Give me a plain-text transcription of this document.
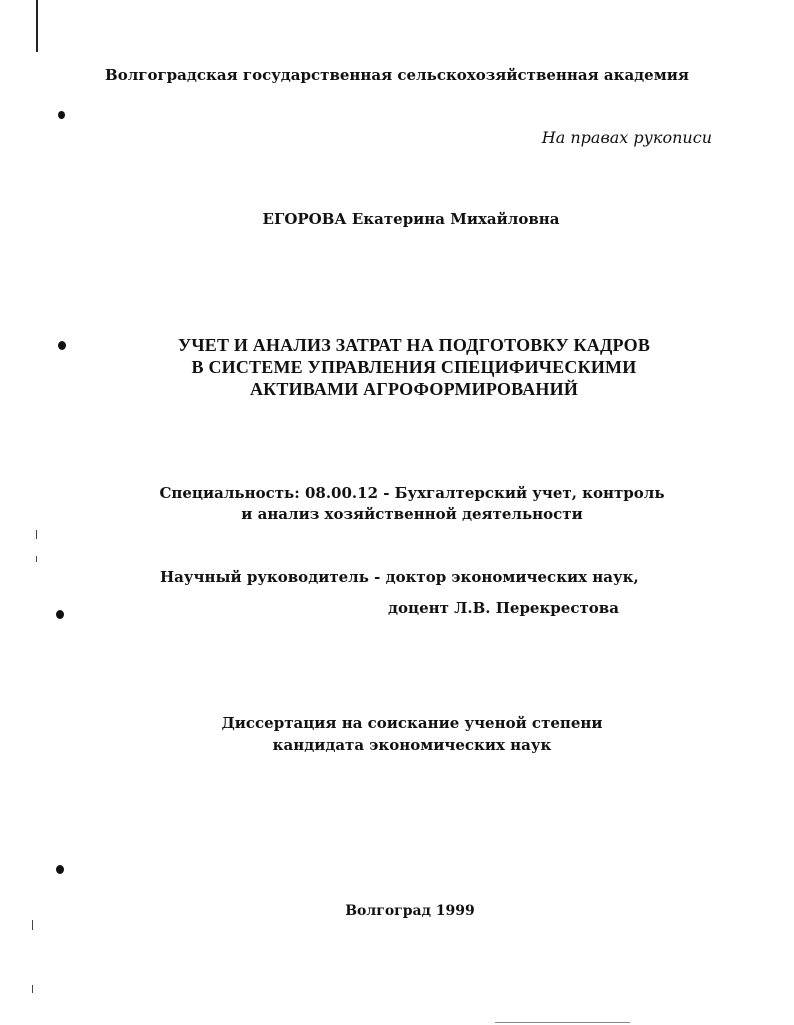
Волгоградская государственная сельскохозяйственная академия
На правах рукописи
ЕГОРОВА Екатерина Михайловна
УЧЕТ И АНАЛИЗ ЗАТРАТ НА ПОДГОТОВКУ КАДРОВ
В СИСТЕМЕ УПРАВЛЕНИЯ СПЕЦИФИЧЕСКИМИ
АКТИВАМИ АГРОФОРМИРОВАНИЙ
Специальность: 08.00.12 - Бухгалтерский учет, контроль
и анализ хозяйственной деятельности
Научный руководитель - доктор экономических наук,
доцент Л.В. Перекрестова
Диссертация на соискание ученой степени
кандидата экономических наук
Волгоград 1999
